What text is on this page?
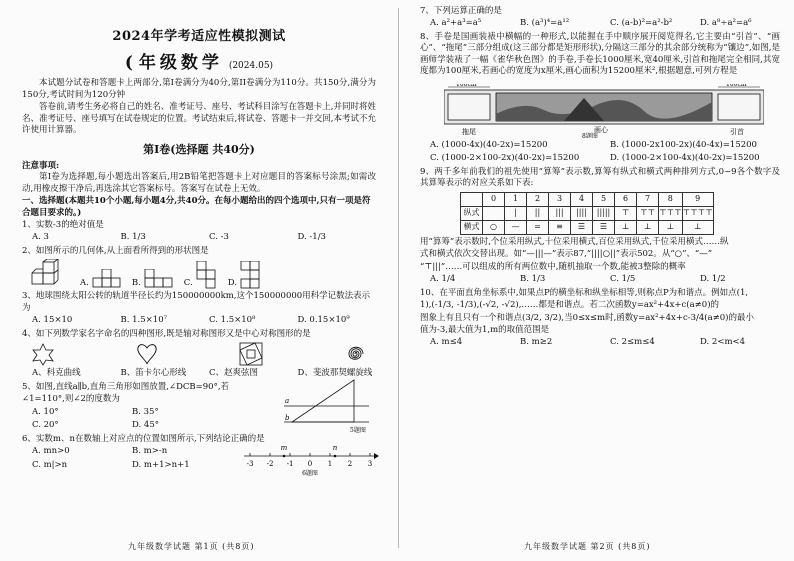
2024年学考适应性模拟测试
( 年级数学 (2024.05)

本试题分试卷和答题卡上两部分,第I卷满分为40分,第II卷满分为110分。共150分,满分为150分,考试时间为120分钟

答卷前,请考生务必将自己的姓名、准考证号、座号、考试科目涂写在答题卡上,并同时将姓名、准考证号、座号填写在试卷规定的位置。考试结束后,将试卷、答题卡一并交回,本考试不允许使用计算器。

第I卷(选择题 共40分)
注意事项:

第I卷为选择题,每小题选出答案后,用2B铅笔把答题卡上对应题目的答案标号涂黑;如需改动,用橡皮擦干净后,再选涂其它答案标号。答案写在试卷上无效。

一、选择题(本题共10个小题,每小题4分,共40分。在每小题给出的四个选项中,只有一项是符合题目要求的。)
1、实数-3的绝对值是
A. 3	B. 1/3	C. -3	D. -1/3
2、如图所示的几何体,从上面看所得到的形状图是
A.	B.	C.	D.
3、地球围绕太阳公转的轨道半径长约为150000000km,这个150000000用科学记数法表示为
A. 15×10	B. 1.5×10⁷	C. 1.5×10⁸	D. 0.15×10⁹
4、如下列数学家名字命名的四种图形,既是轴对称图形又是中心对称图形的是
A、科克曲线	B、笛卡尔心形线	C、赵爽弦图	D、斐波那契螺旋线
5、如图,直线a∥b,直角三角形如图放置,∠DCB=90°,若
∠1=110°,则∠2的度数为
A. 10°	B. 35°
C. 20°	D. 45°
a
b
5题图
6、实数m、n在数轴上对应点的位置如图所示,下列结论正确的是
A. mn>0	B. m>-n
C. m|>n	D. m+1>n+1	-3 -2 -1 0 1 2 3
m	n
6题图
九年级数学试题 第1页 (共8页)
7、下列运算正确的是
A. a²+a³=a⁵	B. (a³)⁴=a¹²	C. (a-b)²=a²-b²	D. a⁸÷a²=a⁶

8、手卷是国画装裱中横幅的一种形式,以能握在手中顺序展开阅览得名,它主要由“引首”、“画心”、“拖尾”三部分组成(这三部分都是矩形形状),分隔这三部分的其余部分统称为“镶边”,如图,是画师学装裱了一幅《雀华秋色图》的手卷,手卷长1000厘米,宽40厘米,引首和拖尾完全相同,其宽度都为100厘米,若画心的宽度为x厘米,画心面积为15200厘米²,根据题意,可列方程是

100cm	100cm
拖尾	画心	引首
8题图
A. (1000-4x)(40-2x)=15200	B. (1000-2x100-2x)(40-4x)=15200
C. (1000-2×100-2x)(40-2x)=15200	D. (1000-2×100-4x)(40-2x)=15200

9、两千多年前我们的祖先使用“算筹”表示数,算筹有纵式和横式两种排列方式,0~9各个数字及其算筹表示的对应关系如下表:

	0	1	2	3	4	5	6	7	8	9
纵式		|	||	|||	||||	|||||	⊤	⊤⊤	⊤⊤⊤	⊤⊤⊤⊤
横式	○	—	=	≡	☰	☰	⊥	⊥	⊥	⊥
用“算筹”表示数时,个位采用纵式,十位采用横式,百位采用纵式,千位采用横式……纵
式和横式依次交替出现。如“—|||—”表示87,“||||○||”表示502。从“○”、“—”
“⊤|||”……可以组成的所有两位数中,随机抽取一个数,能被3整除的概率
A. 1/4	B. 1/3	C. 1/5	D. 1/2
10、在平面直角坐标系中,如果点P的横坐标和纵坐标相等,则称点P为和谐点。例如点(1,
1),(-1/3, -1/3),(-√2, -√2),……都是和谐点。若二次函数y=ax²+4x+c(a≠0)的
图象上有且只有一个和谐点(3/2, 3/2),当0≤x≤m时,函数y=ax²+4x+c-3/4(a≠0)的最小
值为-3,最大值为1,m的取值范围是
A. m≤4	B. m≥2	C. 2≤m≤4	D. 2<m<4
九年级数学试题 第2页 (共8页)
